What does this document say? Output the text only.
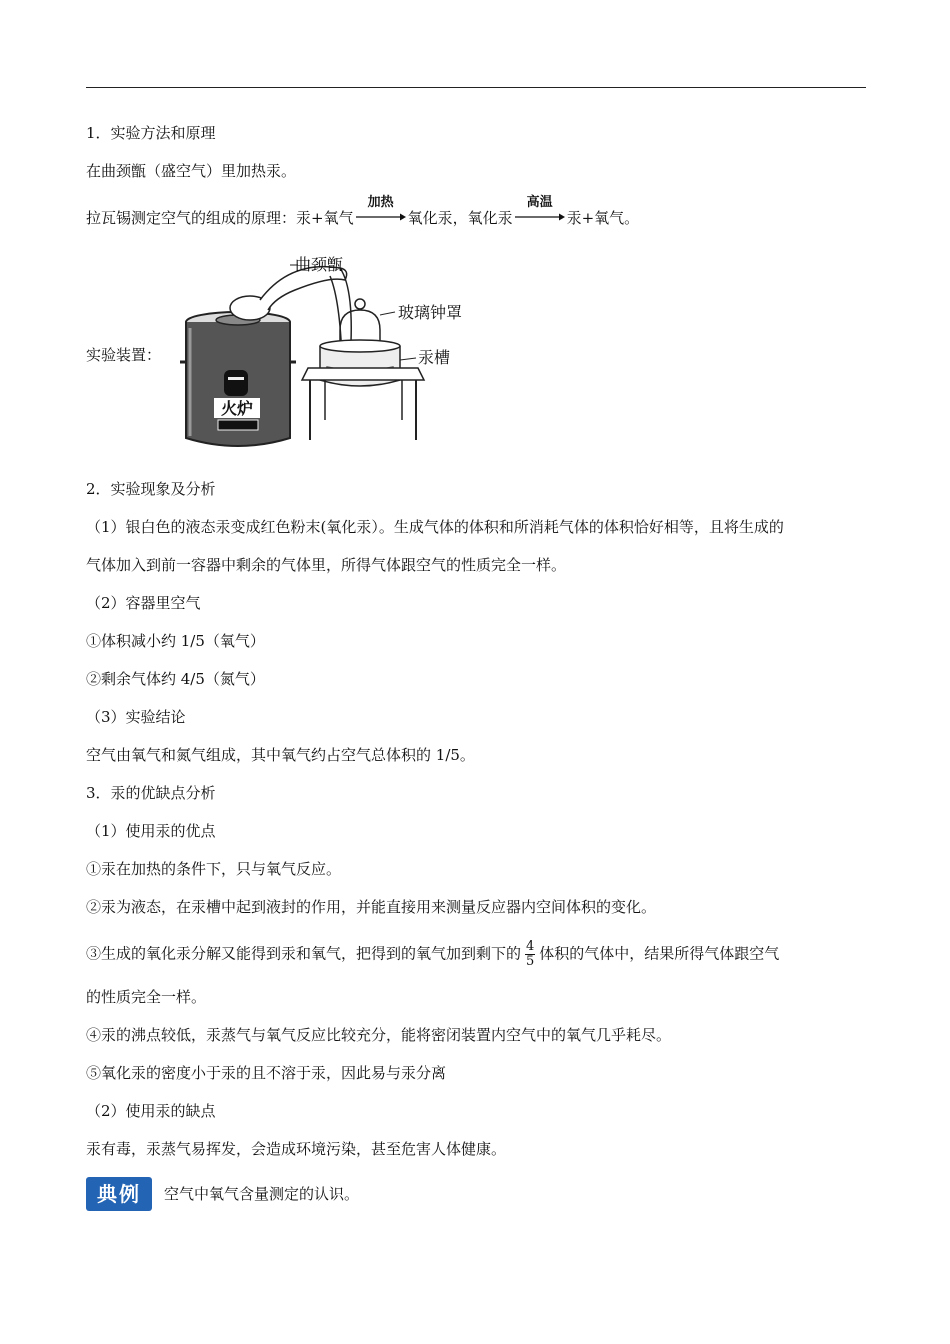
1．实验方法和原理
在曲颈甑（盛空气）里加热汞。
拉瓦锡测定空气的组成的原理：汞+氧气
加热
氧化汞，氧化汞
高温
汞+氧气。
实验装置：
火炉
曲颈甑
玻璃钟罩
汞槽
2．实验现象及分析
（1）银白色的液态汞变成红色粉末(氧化汞）。生成气体的体积和所消耗气体的体积恰好相等，且将生成的
气体加入到前一容器中剩余的气体里，所得气体跟空气的性质完全一样。
（2）容器里空气
①体积减小约 1/5（氧气）
②剩余气体约 4/5（氮气）
（3）实验结论
空气由氧气和氮气组成，其中氧气约占空气总体积的 1/5。
3．汞的优缺点分析
（1）使用汞的优点
①汞在加热的条件下，只与氧气反应。
②汞为液态，在汞槽中起到液封的作用，并能直接用来测量反应器内空间体积的变化。
③生成的氧化汞分解又能得到汞和氧气，把得到的氧气加到剩下的 $\frac{4}{5}$ 体积的气体中，结果所得气体跟空气
的性质完全一样。
④汞的沸点较低，汞蒸气与氧气反应比较充分，能将密闭装置内空气中的氧气几乎耗尽。
⑤氧化汞的密度小于汞的且不溶于汞，因此易与汞分离
（2）使用汞的缺点
汞有毒，汞蒸气易挥发，会造成环境污染，甚至危害人体健康。
典例	空气中氧气含量测定的认识。
